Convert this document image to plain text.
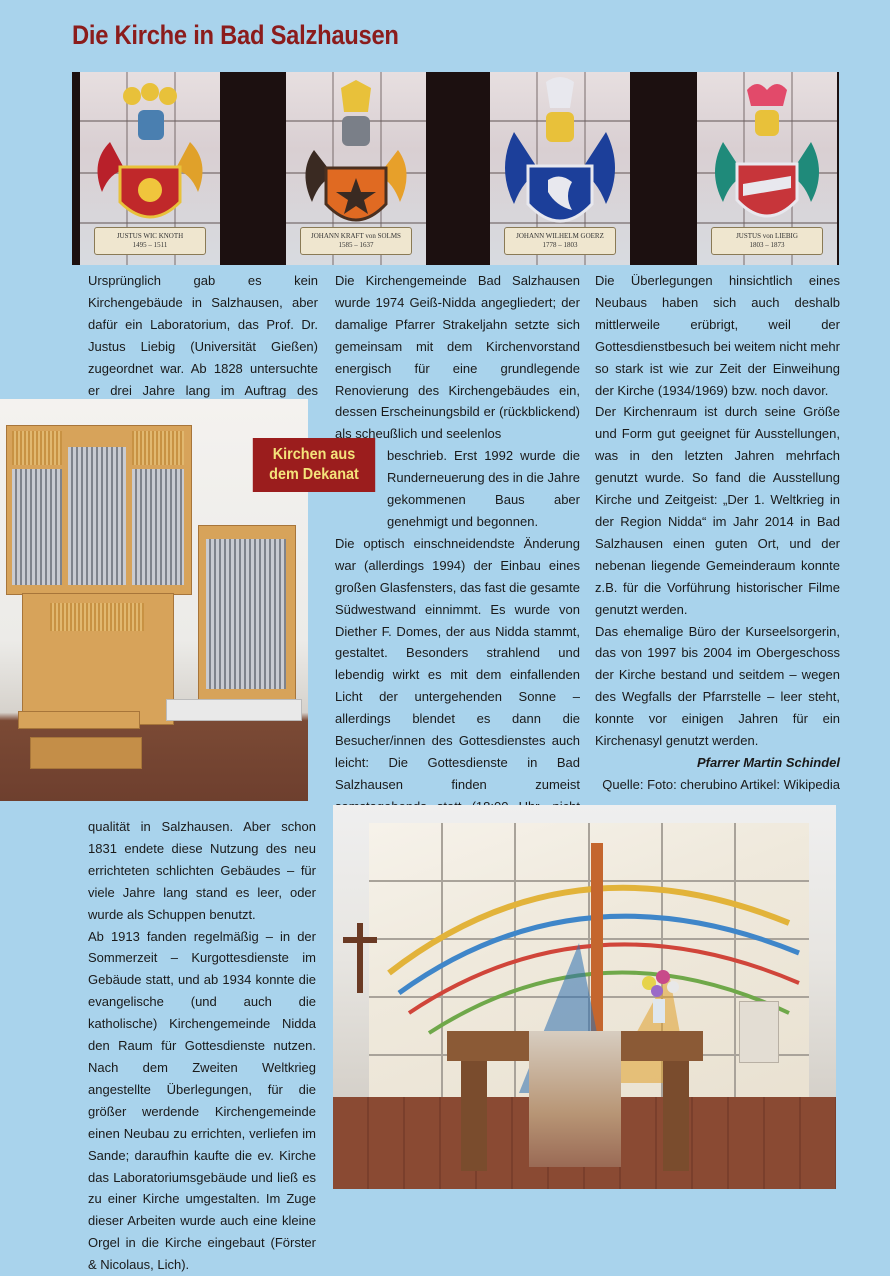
Die Kirche in Bad Salzhausen
JUSTUS WIC KNOTH
1495 – 1511
JOHANN KRAFT von SOLMS
1585 – 1637
JOHANN WILHELM GOERZ
1778 – 1803
JUSTUS von LIEBIG
1803 – 1873

Ursprünglich gab es kein Kirchengebäude in Salzhausen, aber dafür ein Laboratorium, das Prof. Dr. Justus Liebig (Universität Gießen) zugeordnet war. Ab 1828 untersuchte er drei Jahre lang im Auftrag des

Kirchen aus
dem Dekanat

Die Kirchengemeinde Bad Salzhausen wurde 1974 Geiß-Nidda angegliedert; der damalige Pfarrer Strakeljahn setzte sich gemeinsam mit dem Kirchenvorstand energisch für eine grundlegende Renovierung des Kirchengebäudes ein, dessen Erscheinungsbild er (rückblickend) als scheußlich und seelenlos

beschrieb. Erst 1992 wurde die Runderneuerung des in die Jahre gekommenen Baus aber genehmigt und begonnen.

Die optisch einschneidendste Änderung war (allerdings 1994) der Einbau eines großen Glasfensters, das fast die gesamte Südwestwand einnimmt. Es wurde von Diether F. Domes, der aus Nidda stammt, gestaltet. Besonders strahlend und lebendig wirkt es mit dem einfallenden Licht der untergehenden Sonne – allerdings blendet es dann die Besucher/innen des Gottesdienstes auch leicht: Die Gottesdienste in Bad Salzhausen finden zumeist

Die Überlegungen hinsichtlich eines Neubaus haben sich auch deshalb mittlerweile erübrigt, weil der Gottesdienstbesuch bei weitem nicht mehr so stark ist wie zur Zeit der Einweihung der Kirche (1934/1969) bzw. noch davor.

Der Kirchenraum ist durch seine Größe und Form gut geeignet für Ausstellungen, was in den letzten Jahren mehrfach genutzt wurde. So fand die Ausstellung Kirche und Zeitgeist: „Der 1. Weltkrieg in der Region Nidda“ im Jahr 2014 in Bad Salzhausen einen guten Ort, und der nebenan liegende Gemeinderaum konnte z.B. für die Vorführung historischer Filme genutzt werden.

Das ehemalige Büro der Kurseelsorgerin, das von 1997 bis 2004 im Obergeschoss der Kirche bestand und seitdem – wegen des Wegfalls der Pfarrstelle – leer steht, konnte vor einigen Jahren für ein Kirchenasyl genutzt werden.

Pfarrer Martin Schindel

Quelle: Foto: cherubino Artikel: Wikipedia

qualität in Salzhausen. Aber schon 1831 endete diese Nutzung des neu errichteten schlichten Gebäudes – für viele Jahre lang stand es leer, oder wurde als Schuppen benutzt.

Ab 1913 fanden regelmäßig – in der Sommerzeit – Kurgottesdienste im Gebäude statt, und ab 1934 konnte die evangelische (und auch die katholische) Kirchengemeinde Nidda den Raum für Gottesdienste nutzen. Nach dem Zweiten Weltkrieg angestellte Überlegungen, für die größer werdende Kirchengemeinde einen Neubau zu errichten, verliefen im Sande; daraufhin kaufte die ev. Kirche das Laboratoriumsgebäude und ließ es zu einer Kirche umgestalten. Im Zuge dieser Arbeiten wurde auch eine kleine Orgel in die Kirche eingebaut (Förster & Nicolaus, Lich).
